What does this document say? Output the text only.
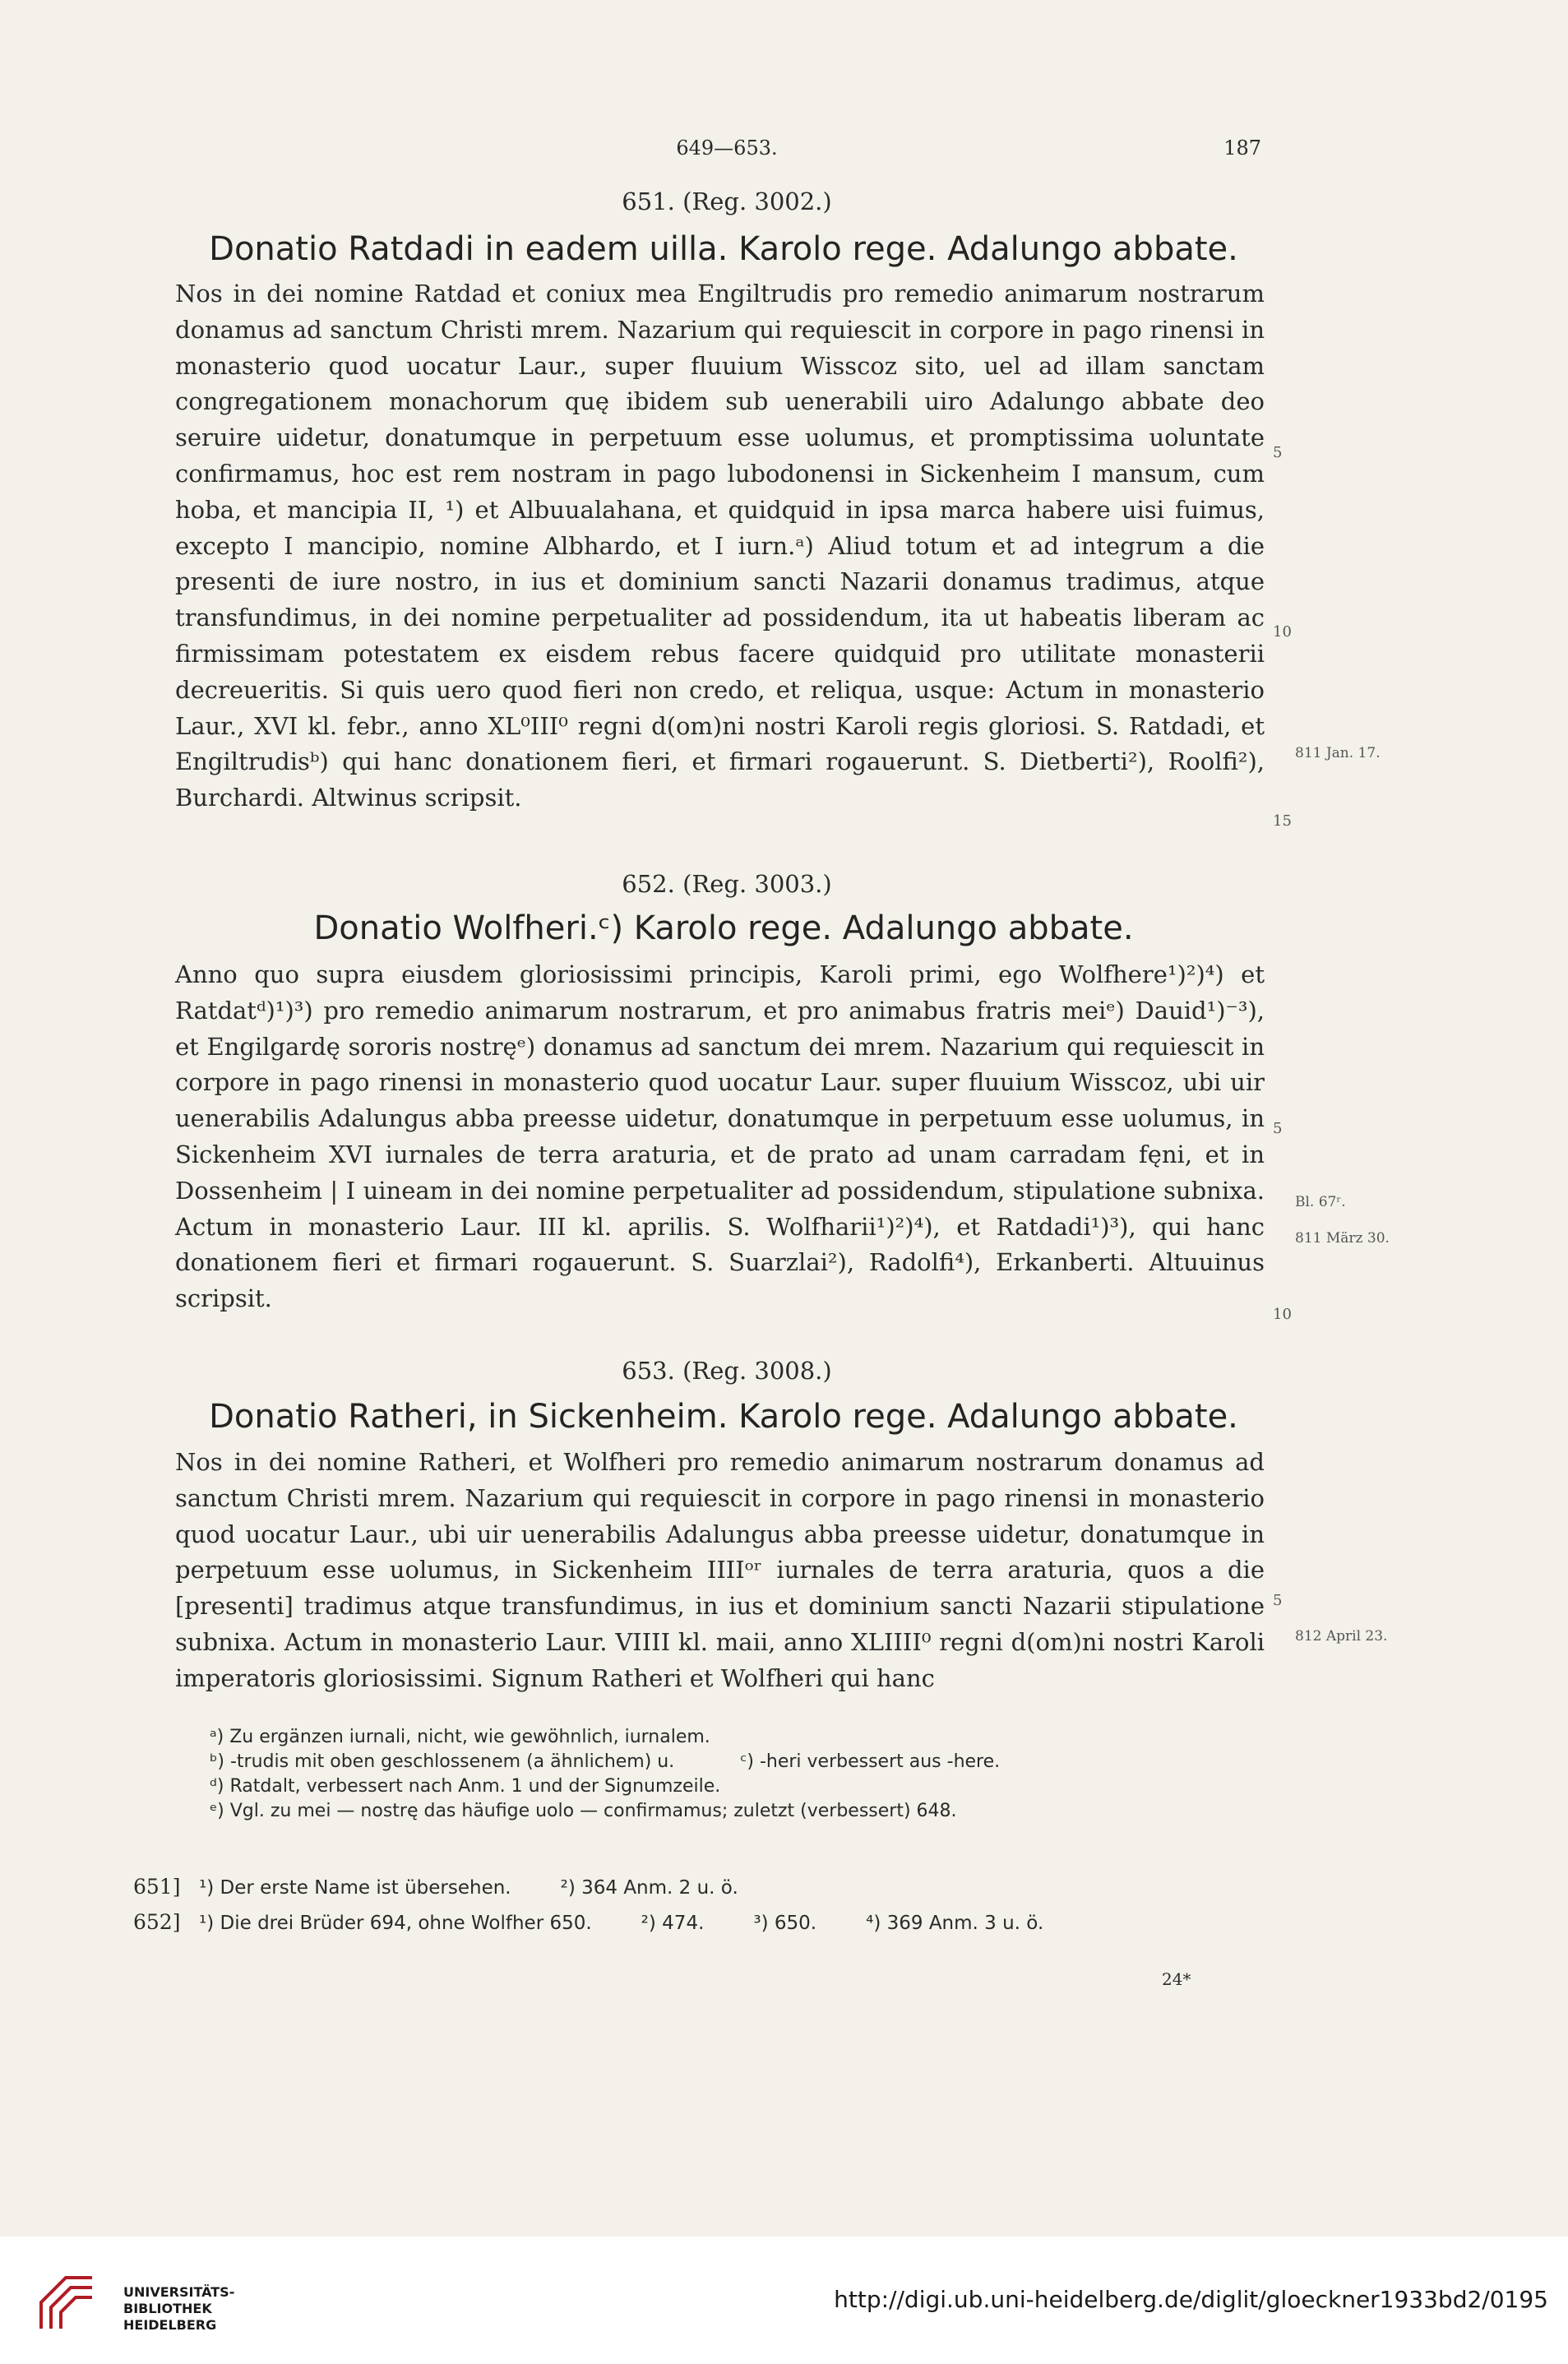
649—653.	187
651. (Reg. 3002.)
Donatio Ratdadi in eadem uilla. Karolo rege. Adalungo abbate.

Nos in dei nomine Ratdad et coniux mea Engiltrudis pro remedio animarum nostrarum donamus ad sanctum Christi mrem. Nazarium qui requiescit in corpore in pago rinensi in monasterio quod uocatur Laur., super fluuium Wisscoz sito, uel ad illam sanctam congregationem monachorum quę ibidem sub uenerabili uiro Adalungo abbate deo seruire uidetur, donatumque in perpetuum esse uolumus, et promptissima uoluntate confirmamus, hoc est rem nostram in pago lubodonensi in Sickenheim I mansum, cum hoba, et mancipia II, ¹) et Albuualahana, et quidquid in ipsa marca habere uisi fuimus, excepto I mancipio, nomine Albhardo, et I iurn.ᵃ) Aliud totum et ad integrum a die presenti de iure nostro, in ius et dominium sancti Nazarii donamus tradimus, atque transfundimus, in dei nomine perpetualiter ad possidendum, ita ut habeatis liberam ac firmissimam potestatem ex eisdem rebus facere quidquid pro utilitate monasterii decreueritis. Si quis uero quod fieri non credo, et reliqua, usque: Actum in monasterio Laur., XVI kl. febr., anno XL⁰III⁰ regni d(om)ni nostri Karoli regis gloriosi. S. Ratdadi, et Engiltrudisᵇ) qui hanc donationem fieri, et firmari rogauerunt. S. Dietberti²), Roolfi²), Burchardi. Altwinus scripsit.

5
10
15
811 Jan. 17.
652. (Reg. 3003.)
Donatio Wolfheri.ᶜ) Karolo rege. Adalungo abbate.

Anno quo supra eiusdem gloriosissimi principis, Karoli primi, ego Wolfhere¹)²)⁴) et Ratdatᵈ)¹)³) pro remedio animarum nostrarum, et pro animabus fratris meiᵉ) Dauid¹)⁻³), et Engilgardę sororis nostręᵉ) donamus ad sanctum dei mrem. Nazarium qui requiescit in corpore in pago rinensi in monasterio quod uocatur Laur. super fluuium Wisscoz, ubi uir uenerabilis Adalungus abba preesse uidetur, donatumque in perpetuum esse uolumus, in Sickenheim XVI iurnales de terra araturia, et de prato ad unam carradam fęni, et in Dossenheim | I uineam in dei nomine perpetualiter ad possidendum, stipulatione subnixa. Actum in monasterio Laur. III kl. aprilis. S. Wolfharii¹)²)⁴), et Ratdadi¹)³), qui hanc donationem fieri et firmari rogauerunt. S. Suarzlai²), Radolfi⁴), Erkanberti. Altuuinus scripsit.

5
10
Bl. 67ʳ.
811 März 30.
653. (Reg. 3008.)
Donatio Ratheri, in Sickenheim. Karolo rege. Adalungo abbate.

Nos in dei nomine Ratheri, et Wolfheri pro remedio animarum nostrarum donamus ad sanctum Christi mrem. Nazarium qui requiescit in corpore in pago rinensi in monasterio quod uocatur Laur., ubi uir uenerabilis Adalungus abba preesse uidetur, donatumque in perpetuum esse uolumus, in Sickenheim IIIIᵒʳ iurnales de terra araturia, quos a die [presenti] tradimus atque transfundimus, in ius et dominium sancti Nazarii stipulatione subnixa. Actum in monasterio Laur. VIIII kl. maii, anno XLIIII⁰ regni d(om)ni nostri Karoli imperatoris gloriosissimi. Signum Ratheri et Wolfheri qui hanc

5
812 April 23.

ᵃ) Zu ergänzen iurnali, nicht, wie gewöhnlich, iurnalem.

ᵇ) -trudis mit oben geschlossenem (a ähnlichem) u.	ᶜ) -heri verbessert aus -here.

ᵈ) Ratdalt, verbessert nach Anm. 1 und der Signumzeile.

ᵉ) Vgl. zu mei — nostrę das häufige uolo — confirmamus; zuletzt (verbessert) 648.

651] ¹) Der erste Name ist übersehen.	²) 364 Anm. 2 u. ö.

652] ¹) Die drei Brüder 694, ohne Wolfher 650.	²) 474.	³) 650.	⁴) 369 Anm. 3 u. ö.

24*
UNIVERSITÄTS-
BIBLIOTHEK
HEIDELBERG
http://digi.ub.uni-heidelberg.de/diglit/gloeckner1933bd2/0195
